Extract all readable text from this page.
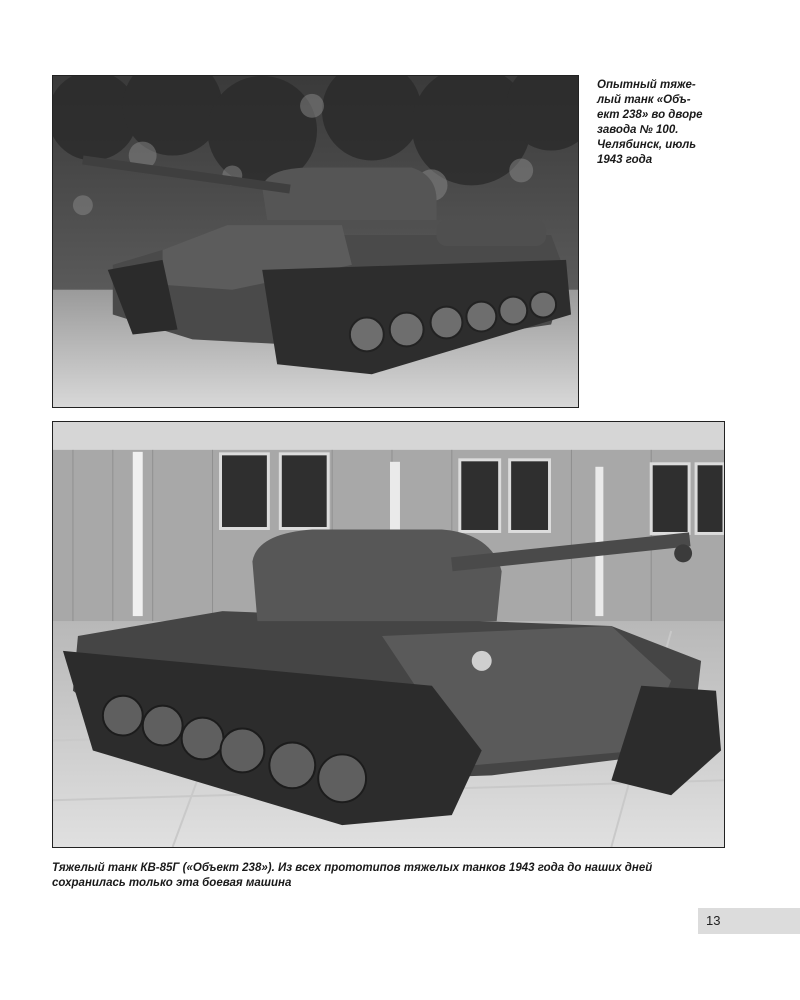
Опытный тяже-
лый танк «Объ-
ект 238» во дворе
завода № 100.
Челябинск, июль
1943 года
Тяжелый танк КВ-85Г («Объект 238»). Из всех прототипов тяжелых танков 1943 года до наших дней
сохранилась только эта боевая машина
13
